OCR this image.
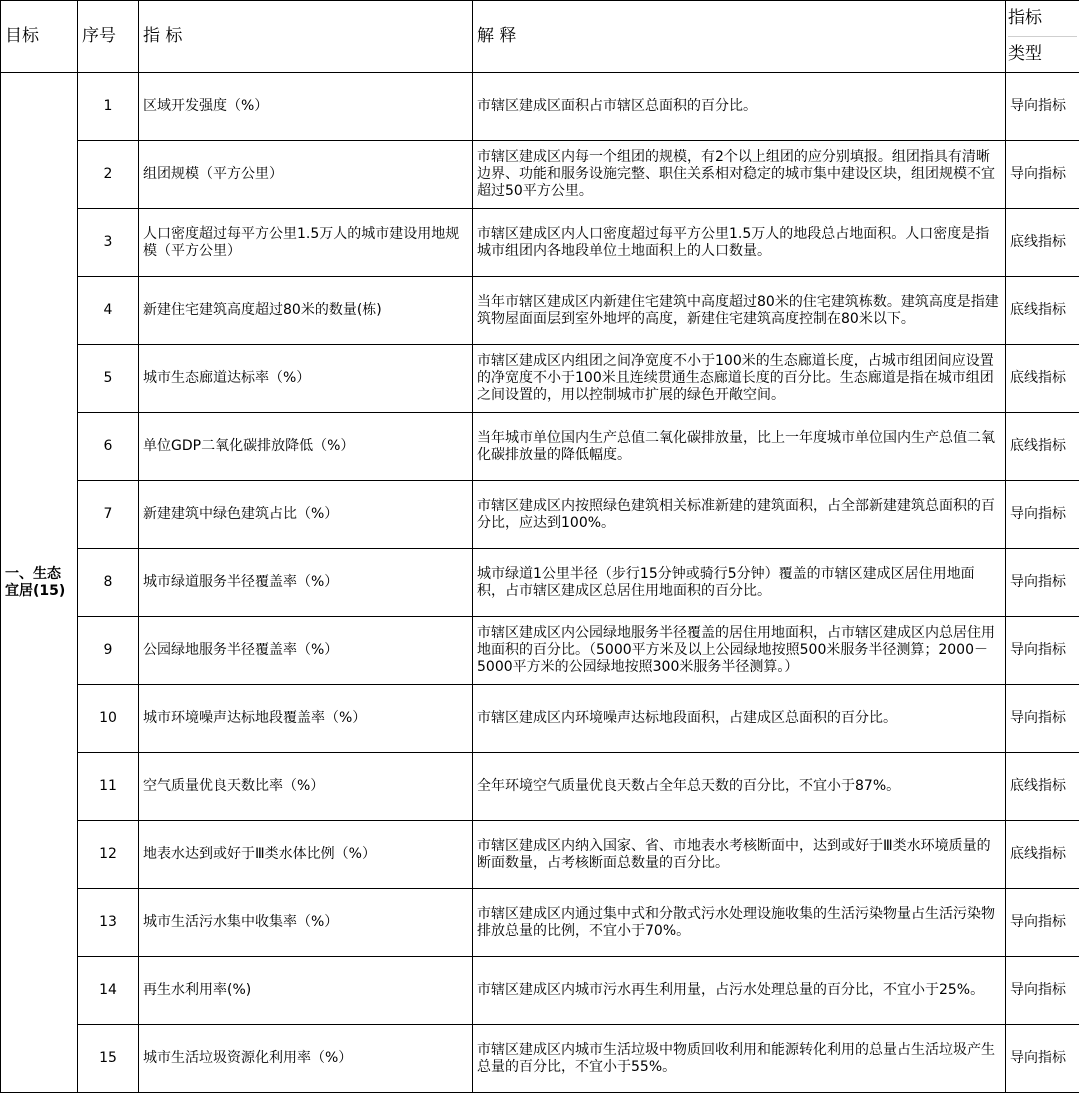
目标	序号	指 标	解 释	指标
类型

一、生态宜居(15)	1	区域开发强度（%）	市辖区建成区面积占市辖区总面积的百分比。	导向指标
	2	组团规模（平方公里）	市辖区建成区内每一个组团的规模，有2个以上组团的应分别填报。组团指具有清晰边界、功能和服务设施完整、职住关系相对稳定的城市集中建设区块，组团规模不宜超过50平方公里。	导向指标
	3	人口密度超过每平方公里1.5万人的城市建设用地规模（平方公里）	市辖区建成区内人口密度超过每平方公里1.5万人的地段总占地面积。人口密度是指城市组团内各地段单位土地面积上的人口数量。	底线指标
	4	新建住宅建筑高度超过80米的数量(栋)	当年市辖区建成区内新建住宅建筑中高度超过80米的住宅建筑栋数。建筑高度是指建筑物屋面面层到室外地坪的高度，新建住宅建筑高度控制在80米以下。	底线指标
	5	城市生态廊道达标率（%）	市辖区建成区内组团之间净宽度不小于100米的生态廊道长度，占城市组团间应设置的净宽度不小于100米且连续贯通生态廊道长度的百分比。生态廊道是指在城市组团之间设置的，用以控制城市扩展的绿色开敞空间。	底线指标
	6	单位GDP二氧化碳排放降低（%）	当年城市单位国内生产总值二氧化碳排放量，比上一年度城市单位国内生产总值二氧化碳排放量的降低幅度。	底线指标
	7	新建建筑中绿色建筑占比（%）	市辖区建成区内按照绿色建筑相关标准新建的建筑面积，占全部新建建筑总面积的百分比，应达到100%。	导向指标
	8	城市绿道服务半径覆盖率（%）	城市绿道1公里半径（步行15分钟或骑行5分钟）覆盖的市辖区建成区居住用地面积，占市辖区建成区总居住用地面积的百分比。	导向指标
	9	公园绿地服务半径覆盖率（%）	市辖区建成区内公园绿地服务半径覆盖的居住用地面积，占市辖区建成区内总居住用地面积的百分比。（5000平方米及以上公园绿地按照500米服务半径测算；2000－5000平方米的公园绿地按照300米服务半径测算。）	导向指标
	10	城市环境噪声达标地段覆盖率（%）	市辖区建成区内环境噪声达标地段面积，占建成区总面积的百分比。	导向指标
	11	空气质量优良天数比率（%）	全年环境空气质量优良天数占全年总天数的百分比，不宜小于87%。	底线指标
	12	地表水达到或好于Ⅲ类水体比例（%）	市辖区建成区内纳入国家、省、市地表水考核断面中，达到或好于Ⅲ类水环境质量的断面数量，占考核断面总数量的百分比。	底线指标
	13	城市生活污水集中收集率（%）	市辖区建成区内通过集中式和分散式污水处理设施收集的生活污染物量占生活污染物排放总量的比例，不宜小于70%。	导向指标
	14	再生水利用率(%)	市辖区建成区内城市污水再生利用量，占污水处理总量的百分比，不宜小于25%。	导向指标
	15	城市生活垃圾资源化利用率（%）	市辖区建成区内城市生活垃圾中物质回收利用和能源转化利用的总量占生活垃圾产生总量的百分比，不宜小于55%。	导向指标
